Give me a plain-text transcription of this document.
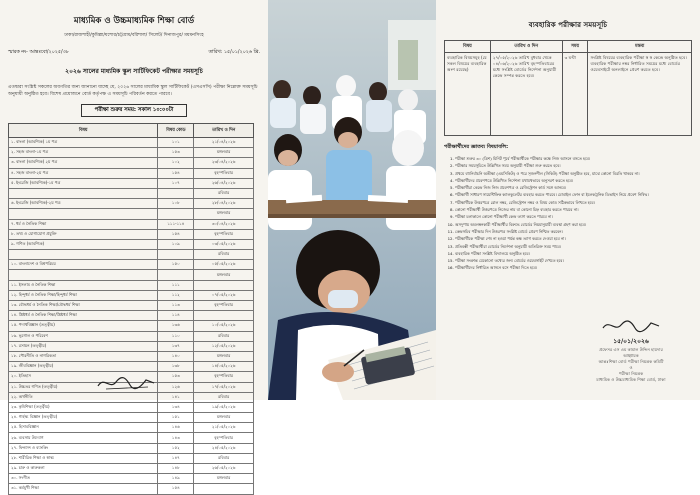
মাধ্যমিক ও উচ্চমাধ্যমিক শিক্ষা বোর্ড
ঢাকা/রাজশাহী/কুমিল্লা/যশোর/চট্টগ্রাম/বরিশাল/ সিলেট/ দিনাজপুর/ ময়মনসিংহ
স্মারক নং- আন্তঃবো/২০২৫/৩৮	তারিখ: ১৫/০১/২০২৬ খ্রি.
২০২৬ সালের মাধ্যমিক স্কুল সার্টিফিকেট পরীক্ষার সময়সূচি
এতদ্বারা সংশ্লিষ্ট সকলের অবগতির জন্য জানানো যাচ্ছে যে, ২০২৬ সালের মাধ্যমিক স্কুল সার্টিফিকেট (এসএসসি) পরীক্ষা নিম্নোক্ত সময়সূচি অনুযায়ী অনুষ্ঠিত হবে। বিশেষ প্রয়োজনে বোর্ড কর্তৃপক্ষ এ সময়সূচি পরিবর্তন করতে পারবে।
পরীক্ষা শুরুর সময়: সকাল ১০:০০টা
বিষয়	বিষয় কোড	তারিখ ও দিন
১. বাংলা (আবশ্যিক) ১ম পত্র	১০১	২১/০৪/২০২৬
২. সহজ বাংলা-১ম পত্র	১৫৩	মঙ্গলবার
৩. বাংলা (আবশ্যিক) ২য় পত্র	১০২	২৩/০৪/২০২৬
৪. সহজ বাংলা-২য় পত্র	১৫৪	বৃহস্পতিবার
৫. ইংরেজি (আবশ্যিক)-১ম পত্র	১০৭	২৬/০৪/২০২৬
		রবিবার
৬. ইংরেজি (আবশ্যিক)-২য় পত্র	১০৮	২৮/০৪/২০২৬
		মঙ্গলবার
৭. ধর্ম ও নৈতিক শিক্ষা	১১১-১১৪	৩০/০৪/২০২৬
৮. তথ্য ও যোগাযোগ প্রযুক্তি	১৫৪	বৃহস্পতিবার
৯. গণিত (আবশ্যিক)	১০৯	০৩/০৫/২০২৬
		রবিবার
১০. বাংলাদেশ ও বিশ্বপরিচয়	১৫০	০৫/০৫/২০২৬
		মঙ্গলবার
১১. ইসলাম ও নৈতিক শিক্ষা	১১১	
১২. হিন্দুধর্ম ও নৈতিক শিক্ষা/হিন্দুধর্ম শিক্ষা	১১২	০৭/০৫/২০২৬
১৩. বৌদ্ধধর্ম ও নৈতিক শিক্ষা/বৌদ্ধধর্ম শিক্ষা	১১৩	বৃহস্পতিবার
১৪. খ্রিষ্টধর্ম ও নৈতিক শিক্ষা/খ্রিষ্টধর্ম শিক্ষা	১১৪	
১৫. পদার্থবিজ্ঞান (তত্ত্বীয়)	১৩৬	১০/০৫/২০২৬
১৬. ভূগোল ও পরিবেশ	১১০	রবিবার
১৭. রসায়ন (তত্ত্বীয়)	১৩৭	১২/০৫/২০২৬
১৮. পৌরনীতি ও নাগরিকতা	১৪০	মঙ্গলবার
১৯. জীববিজ্ঞান (তত্ত্বীয়)	১৩৮	১৪/০৫/২০২৬
২০. ইতিহাস	১৫৩	বৃহস্পতিবার
২১. উচ্চতর গণিত (তত্ত্বীয়)	১২৬	১৭/০৫/২০২৬
২২. অর্থনীতি	১৪১	রবিবার
২৩. কৃষিশিক্ষা (তত্ত্বীয়)	১৩৪	১৯/০৫/২০২৬
২৪. গার্হস্থ্য বিজ্ঞান (তত্ত্বীয়)	১৫১	মঙ্গলবার
২৫. হিসাববিজ্ঞান	১৪৬	২১/০৫/২০২৬
২৬. ব্যবসায় উদ্যোগ	১৪৩	বৃহস্পতিবার
২৭. ফিন্যান্স ও ব্যাংকিং	১৫২	২৪/০৫/২০২৬
২৮. শারীরিক শিক্ষা ও স্বাস্থ্য	১৪৭	রবিবার
২৯. চারু ও কারুকলা	১৪৮	২৬/০৫/২০২৬
৩০. সংগীত	১৪৯	মঙ্গলবার
৩১. কর্মমুখী শিক্ষা	১৫৪	
ব্যবহারিক পরীক্ষার সময়সূচি
বিষয়	তারিখ ও দিন	সময়	মন্তব্য
ব্যবহারিক বিষয়সমূহ (যে সকল বিষয়ের ব্যবহারিক অংশ রয়েছে)	২৭/০৫/২০২৬ তারিখ বুধবার থেকে ০৪/০৬/২০২৬ তারিখ বৃহস্পতিবারের মধ্যে সংশ্লিষ্ট বোর্ডের নির্দেশনা অনুযায়ী কেন্দ্রে সম্পন্ন করতে হবে।	৩ ঘণ্টা	সংশ্লিষ্ট বিষয়ের ব্যবহারিক পরীক্ষা স্ব স্ব কেন্দ্রে অনুষ্ঠিত হবে। ব্যবহারিক পরীক্ষার নম্বর নির্ধারিত সময়ের মধ্যে বোর্ডের ওয়েবসাইটে অনলাইনে প্রেরণ করতে হবে।
পরীক্ষার্থীদের জ্ঞাতব্য বিষয়াবলি:
1. পরীক্ষা শুরুর ৩০ (ত্রিশ) মিনিট পূর্বে পরীক্ষার্থীকে পরীক্ষার কক্ষে নিজ আসনে বসতে হবে।
2. পরীক্ষার সময়সূচিতে উল্লিখিত সময় অনুযায়ী পরীক্ষা শুরু করতে হবে।
3. প্রথমে বহুনির্বাচনি অভীক্ষা (এমসিকিউ) ও পরে সৃজনশীল (সিকিউ) পরীক্ষা অনুষ্ঠিত হবে, মাঝে কোনো বিরতি থাকবে না।
4. পরীক্ষার্থীদের প্রবেশপত্রে উল্লিখিত নির্দেশনা যথাযথভাবে অনুসরণ করতে হবে।
5. পরীক্ষার্থীরা কেন্দ্রে নিজ নিজ প্রবেশপত্র ও রেজিস্ট্রেশন কার্ড সঙ্গে আনবে।
6. পরীক্ষার্থী সাধারণ সায়েন্টিফিক ক্যালকুলেটর ব্যবহার করতে পারবে। মোবাইল ফোন বা ইলেকট্রনিক ডিভাইস নিয়ে প্রবেশ নিষিদ্ধ।
7. পরীক্ষার্থীকে উত্তরপত্রে রোল নম্বর, রেজিস্ট্রেশন নম্বর ও বিষয় কোড সঠিকভাবে লিখতে হবে।
8. কোনো পরীক্ষার্থী উত্তরপত্রে নিজের নাম বা কোনো চিহ্ন ব্যবহার করতে পারবে না।
9. পরীক্ষা চলাকালে কোনো পরীক্ষার্থী কেন্দ্র ত্যাগ করতে পারবে না।
10. অসদুপায় অবলম্বনকারী পরীক্ষার্থীর বিরুদ্ধে বোর্ডের নিয়মানুযায়ী ব্যবস্থা গ্রহণ করা হবে।
11. কেন্দ্রসচিব পরীক্ষার দিন উত্তরপত্র সংশ্লিষ্ট বোর্ডে প্রেরণ নিশ্চিত করবেন।
12. পরীক্ষার্থীকে পরীক্ষা শেষ না হওয়া পর্যন্ত কক্ষ ত্যাগ করতে দেওয়া হবে না।
13. প্রতিবন্ধী পরীক্ষার্থীরা বোর্ডের নির্দেশনা অনুযায়ী অতিরিক্ত সময় পাবে।
14. ব্যবহারিক পরীক্ষা সংশ্লিষ্ট বিদ্যালয়ে অনুষ্ঠিত হবে।
15. পরীক্ষা সংক্রান্ত যেকোনো তথ্যের জন্য বোর্ডের ওয়েবসাইট দেখতে হবে।
16. পরীক্ষার্থীদের নির্ধারিত আসনে বসে পরীক্ষা দিতে হবে।
১৫/০১/২০২৬
প্রফেসর এস এম কামাল উদ্দিন হায়দার
আহ্বায়ক
আন্তঃশিক্ষা বোর্ড পরীক্ষা নিয়ন্ত্রক কমিটি
ও
পরীক্ষা নিয়ন্ত্রক
মাধ্যমিক ও উচ্চমাধ্যমিক শিক্ষা বোর্ড, ঢাকা
